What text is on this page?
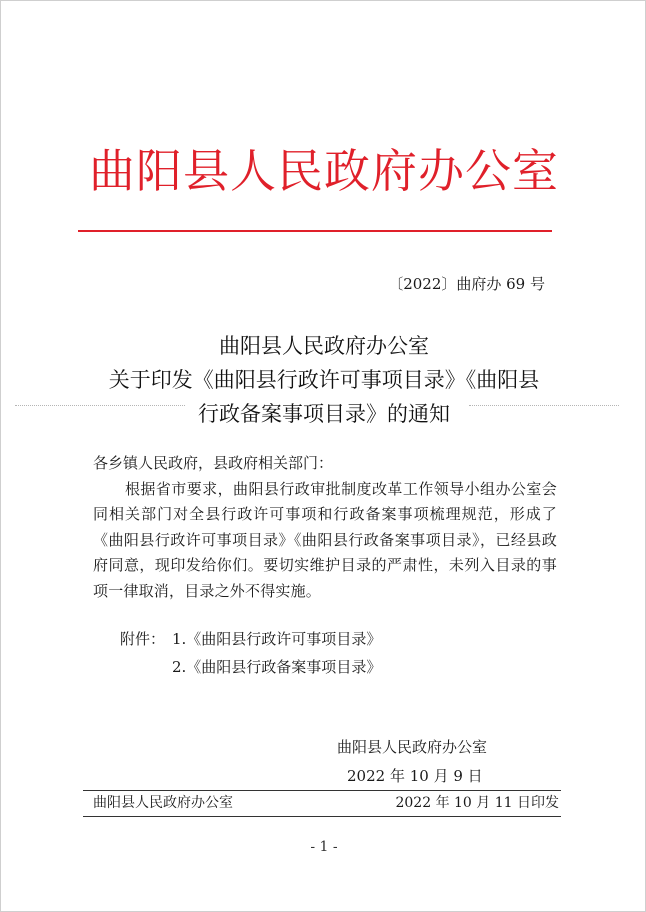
曲阳县人民政府办公室
〔2022〕曲府办 69 号
曲阳县人民政府办公室
关于印发《曲阳县行政许可事项目录》《曲阳县
行政备案事项目录》的通知
各乡镇人民政府，县政府相关部门：
根据省市要求，曲阳县行政审批制度改革工作领导小组办公室会同相关部门对全县行政许可事项和行政备案事项梳理规范，形成了《曲阳县行政许可事项目录》《曲阳县行政备案事项目录》，已经县政府同意，现印发给你们。要切实维护目录的严肃性，未列入目录的事项一律取消，目录之外不得实施。
附件： 1.《曲阳县行政许可事项目录》
2.《曲阳县行政备案事项目录》
曲阳县人民政府办公室
2022 年 10 月 9 日
曲阳县人民政府办公室	2022 年 10 月 11 日印发
- 1 -
